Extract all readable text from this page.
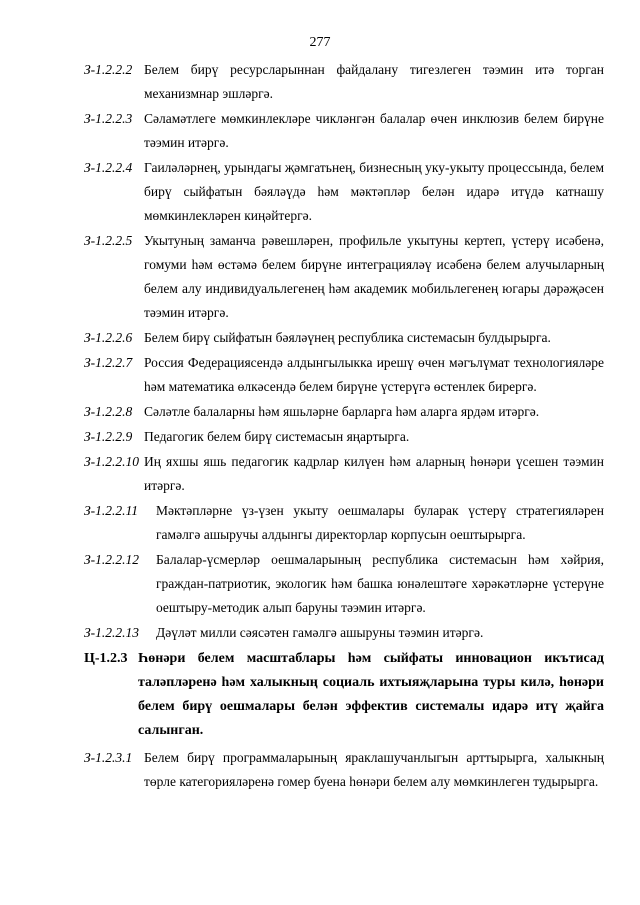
277
З-1.2.2.2 Белем бирү ресурсларыннан файдалану тигезлеген тәэмин итә торган механизмнар эшләргә.
З-1.2.2.3 Сәламәтлеге мөмкинлекләре чикләнгән балалар өчен инклюзив белем бирүне тәэмин итәргә.
З-1.2.2.4 Гаиләләрнең, урындагы җәмгатьнең, бизнесның уку-укыту процессында, белем бирү сыйфатын бәяләүдә һәм мәктәпләр белән идарә итүдә катнашу мөмкинлекләрен киңәйтергә.
З-1.2.2.5 Укытуның заманча рәвешләрен, профильле укытуны кертеп, үстерү исәбенә, гомуми һәм өстәмә белем бирүне интеграцияләү исәбенә белем алучыларның белем алу индивидуальлегенең һәм академик мобильлегенең югары дәрәҗәсен тәэмин итәргә.
З-1.2.2.6 Белем бирү сыйфатын бәяләүнең республика системасын булдырырга.
З-1.2.2.7 Россия Федерациясендә алдынгылыкка ирешү өчен мәгълүмат технологияләре һәм математика өлкәсендә белем бирүне үстерүгә өстенлек бирергә.
З-1.2.2.8 Сәләтле балаларны һәм яшьләрне барларга һәм аларга ярдәм итәргә.
З-1.2.2.9 Педагогик белем бирү системасын яңартырга.
З-1.2.2.10 Иң яхшы яшь педагогик кадрлар килүен һәм аларның һөнәри үсешен тәэмин итәргә.
З-1.2.2.11	Мәктәпләрне үз-үзен укыту оешмалары буларак үстерү стратегияләрен гамәлгә ашыручы алдынгы директорлар корпусын оештырырга.
З-1.2.2.12	Балалар-үсмерләр оешмаларының республика системасын һәм хәйрия, граждан-патриотик, экологик һәм башка юнәлештәге хәрәкәтләрне үстерүне оештыру-методик алып баруны тәэмин итәргә.
З-1.2.2.13	Дәүләт милли сәясәтен гамәлгә ашыруны тәэмин итәргә.
Ц-1.2.3 Һөнәри белем масштаблары һәм сыйфаты инновацион икътисад таләпләренә һәм халыкның социаль ихтыяҗларына туры килә, һөнәри белем бирү оешмалары белән эффектив системалы идарә итү җайга салынган.
З-1.2.3.1 Белем бирү программаларының яраклашучанлыгын арттырырга, халыкның төрле категорияләренә гомер буена һөнәри белем алу мөмкинлеген тудырырга.
